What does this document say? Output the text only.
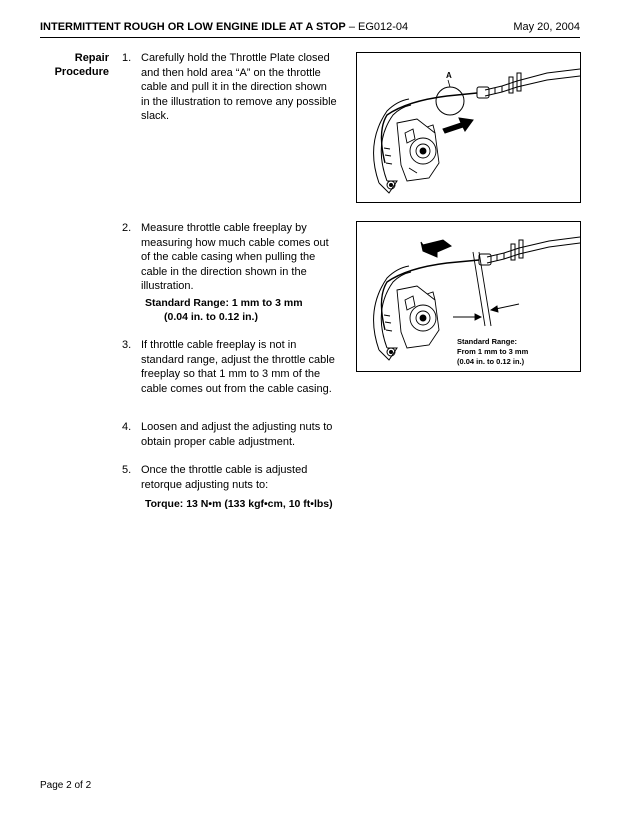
INTERMITTENT ROUGH OR LOW ENGINE IDLE AT A STOP – EG012-04	May 20, 2004
Repair
Procedure
1. Carefully hold the Throttle Plate closed and then hold area “A” on the throttle cable and pull it in the direction shown in the illustration to remove any possible slack.
2. Measure throttle cable freeplay by measuring how much cable comes out of the cable casing when pulling the cable in the direction shown in the illustration.
Standard Range: 1 mm to 3 mm
(0.04 in. to 0.12 in.)
3. If throttle cable freeplay is not in standard range, adjust the throttle cable freeplay so that 1 mm to 3 mm of the cable comes out from the cable casing.
4. Loosen and adjust the adjusting nuts to obtain proper cable adjustment.
5. Once the throttle cable is adjusted retorque adjusting nuts to:
Torque: 13 N•m (133 kgf•cm, 10 ft•lbs)
A
Standard Range:
From 1 mm to 3 mm
(0.04 in. to 0.12 in.)
Page 2 of 2
